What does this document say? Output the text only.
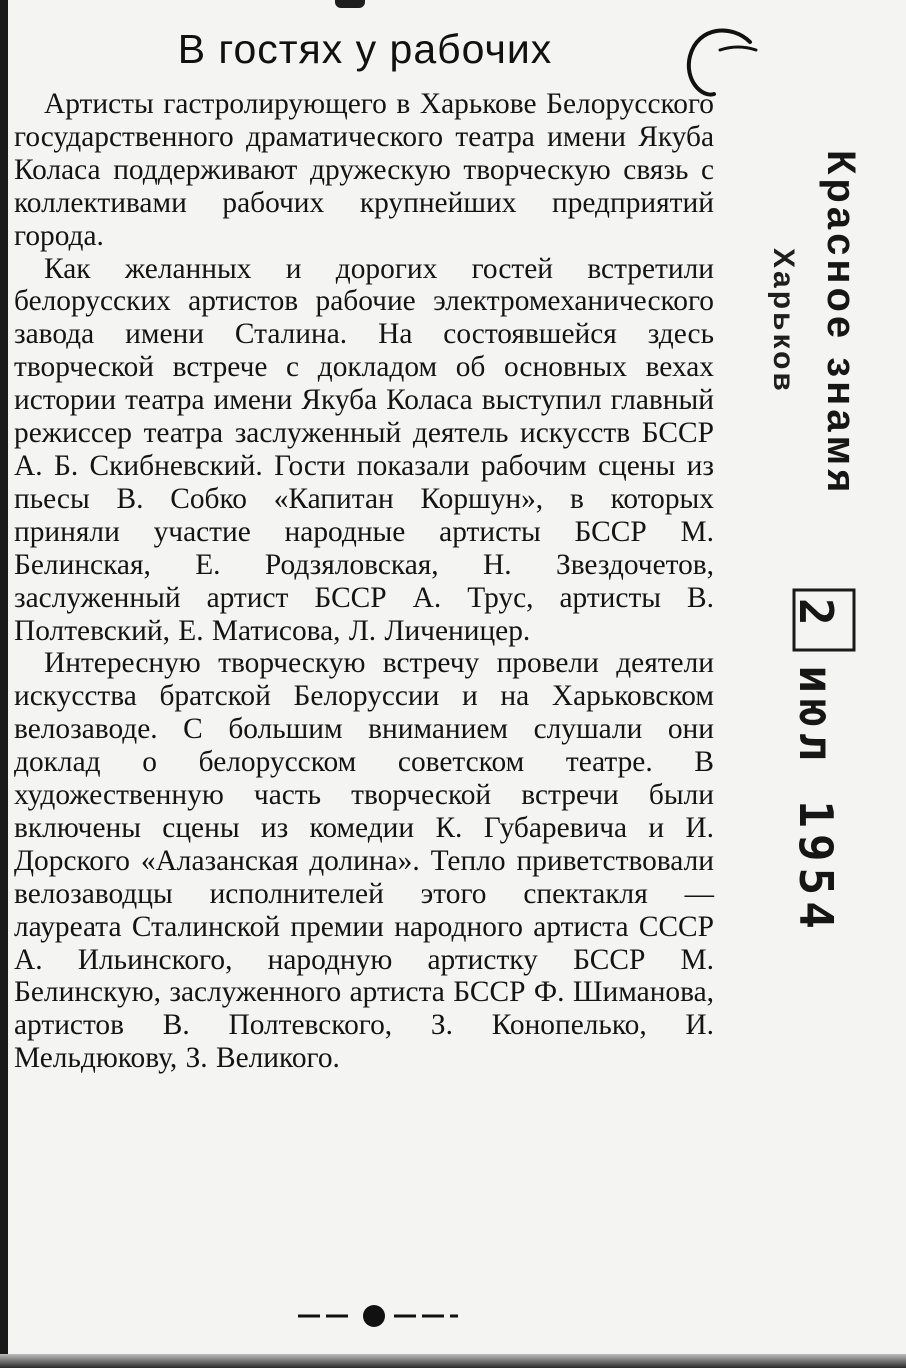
В гостях у рабочих

Артисты гастролирующего в Харькове Белорусского государственного драматического театра имени Якуба Коласа поддерживают дружескую творческую связь с коллективами рабочих крупнейших предприятий города.

Как желанных и дорогих гостей встретили белорусских артистов рабочие электромеханического завода имени Сталина. На состоявшейся здесь творческой встрече с докладом об основных вехах истории театра имени Якуба Коласа выступил главный режиссер театра заслуженный деятель искусств БССР А. Б. Скибневский. Гости показали рабочим сцены из пьесы В. Собко «Капитан Коршун», в которых приняли участие народные артисты БССР М. Белинская, Е. Родзяловская, Н. Звездочетов, заслуженный артист БССР А. Трус, артисты В. Полтевский, Е. Матисова, Л. Личеницер.

Интересную творческую встречу провели деятели искусства братской Белоруссии и на Харьковском велозаводе. С большим вниманием слушали они доклад о белорусском советском театре. В художественную часть творческой встречи были включены сцены из комедии К. Губаревича и И. Дорского «Алазанская долина». Тепло приветствовали велозаводцы исполнителей этого спектакля — лауреата Сталинской премии народного артиста СССР А. Ильинского, народную артистку БССР М. Белинскую, заслуженного артиста БССР Ф. Шиманова, артистов В. Полтевского, З. Конопелько, И. Мельдюкову, З. Великого.

Красное знамя
Харьков
2 июл 1954
